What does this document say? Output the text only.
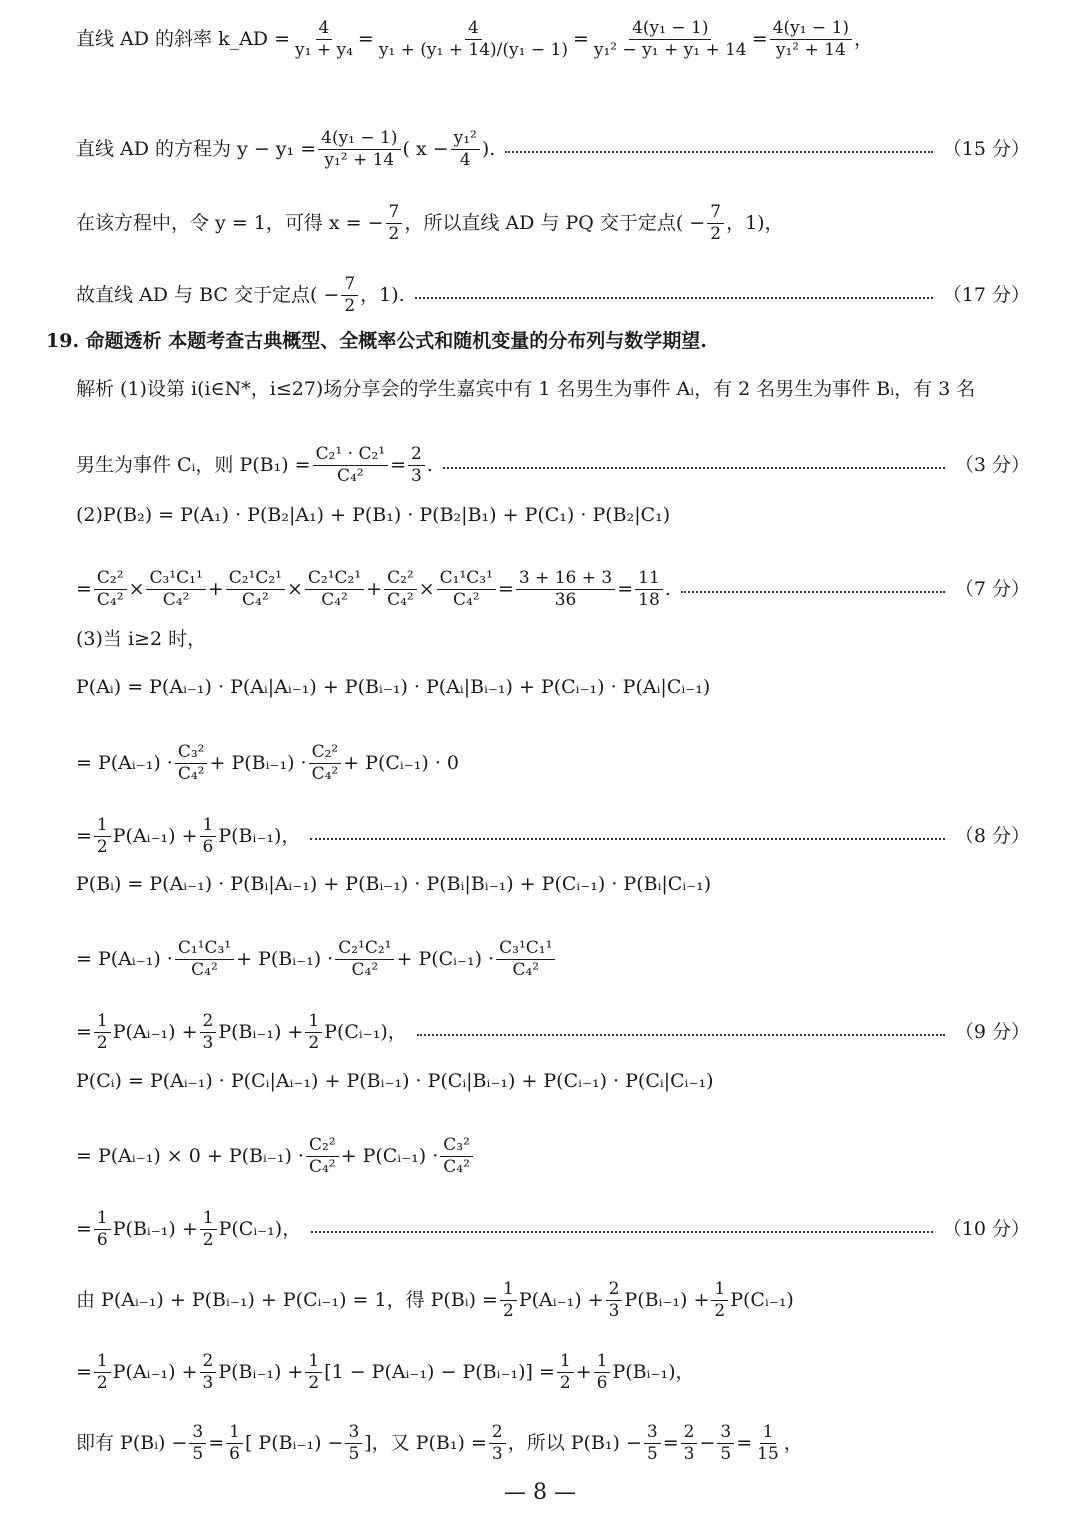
直线 AD 的斜率 k_AD = $\frac{4}{\text{y₁ + y₄}} = \frac{4}{\text{y₁ + (y₁ + 14)/(y₁ − 1)}} = \frac{\text{4(y₁ − 1)}}{\text{y₁² − y₁ + y₁ + 14}} = \frac{\text{4(y₁ − 1)}}{\text{y₁² + 14}}$ ，
直线 AD 的方程为 $y - y_1 = \frac{\text{4(y₁ − 1)}}{\text{y₁² + 14}}$ ( $x - \frac{\text{y₁²}}{4}$ ).	（15 分）
在该方程中，令 y = 1，可得 x = − $\frac{7}{2}$ ，所以直线 AD 与 PQ 交于定点( − $\frac{7}{2}$ ，1)，
故直线 AD 与 BC 交于定点( − $\frac{7}{2}$ ，1).	（17 分）
19. 命题透析 本题考查古典概型、全概率公式和随机变量的分布列与数学期望.
解析 (1)设第 i(i∈N*，i≤27)场分享会的学生嘉宾中有 1 名男生为事件 Aᵢ，有 2 名男生为事件 Bᵢ，有 3 名
男生为事件 Cᵢ，则 $P(B_1) = \frac{\text{C₂¹ · C₂¹}}{\text{C₄²}} = \frac{2}{3}$ .	（3 分）
(2)P(B₂) = P(A₁) · P(B₂|A₁) + P(B₁) · P(B₂|B₁) + P(C₁) · P(B₂|C₁)
= $\frac{\text{C₂²}}{\text{C₄²}} \times \frac{\text{C₃¹C₁¹}}{\text{C₄²}} + \frac{\text{C₂¹C₂¹}}{\text{C₄²}} \times \frac{\text{C₂¹C₂¹}}{\text{C₄²}} + \frac{\text{C₂²}}{\text{C₄²}} \times \frac{\text{C₁¹C₃¹}}{\text{C₄²}} = \frac{3 + 16 + 3}{36} = \frac{11}{18}$ .	（7 分）
(3)当 i≥2 时，
P(Aᵢ) = P(Aᵢ₋₁) · P(Aᵢ|Aᵢ₋₁) + P(Bᵢ₋₁) · P(Aᵢ|Bᵢ₋₁) + P(Cᵢ₋₁) · P(Aᵢ|Cᵢ₋₁)
= P(Aᵢ₋₁) · $\frac{\text{C₃²}}{\text{C₄²}}$ + P(Bᵢ₋₁) · $\frac{\text{C₂²}}{\text{C₄²}}$ + P(Cᵢ₋₁) · 0
= $\frac{1}{2}$ P(Aᵢ₋₁) + $\frac{1}{6}$ P(Bᵢ₋₁)，	（8 分）
P(Bᵢ) = P(Aᵢ₋₁) · P(Bᵢ|Aᵢ₋₁) + P(Bᵢ₋₁) · P(Bᵢ|Bᵢ₋₁) + P(Cᵢ₋₁) · P(Bᵢ|Cᵢ₋₁)
= P(Aᵢ₋₁) · $\frac{\text{C₁¹C₃¹}}{\text{C₄²}}$ + P(Bᵢ₋₁) · $\frac{\text{C₂¹C₂¹}}{\text{C₄²}}$ + P(Cᵢ₋₁) · $\frac{\text{C₃¹C₁¹}}{\text{C₄²}}$
= $\frac{1}{2}$ P(Aᵢ₋₁) + $\frac{2}{3}$ P(Bᵢ₋₁) + $\frac{1}{2}$ P(Cᵢ₋₁)，	（9 分）
P(Cᵢ) = P(Aᵢ₋₁) · P(Cᵢ|Aᵢ₋₁) + P(Bᵢ₋₁) · P(Cᵢ|Bᵢ₋₁) + P(Cᵢ₋₁) · P(Cᵢ|Cᵢ₋₁)
= P(Aᵢ₋₁) × 0 + P(Bᵢ₋₁) · $\frac{\text{C₂²}}{\text{C₄²}}$ + P(Cᵢ₋₁) · $\frac{\text{C₃²}}{\text{C₄²}}$
= $\frac{1}{6}$ P(Bᵢ₋₁) + $\frac{1}{2}$ P(Cᵢ₋₁)，	（10 分）
由 P(Aᵢ₋₁) + P(Bᵢ₋₁) + P(Cᵢ₋₁) = 1，得 P(Bᵢ) = $\frac{1}{2}$ P(Aᵢ₋₁) + $\frac{2}{3}$ P(Bᵢ₋₁) + $\frac{1}{2}$ P(Cᵢ₋₁)
= $\frac{1}{2}$ P(Aᵢ₋₁) + $\frac{2}{3}$ P(Bᵢ₋₁) + $\frac{1}{2} [1$ − P(Aᵢ₋₁) − P(Bᵢ₋₁)] = $\frac{1}{2} + \frac{1}{6}$ P(Bᵢ₋₁)，
即有 P(Bᵢ) − $\frac{3}{5} = \frac{1}{6}$ [ P(Bᵢ₋₁) − $\frac{3}{5}$ ]，又 $P(B_1) = \frac{2}{3}$ ，所以 $P(B_1) - \frac{3}{5} = \frac{2}{3} - \frac{3}{5} = \frac{1}{15}$ ，
— 8 —
